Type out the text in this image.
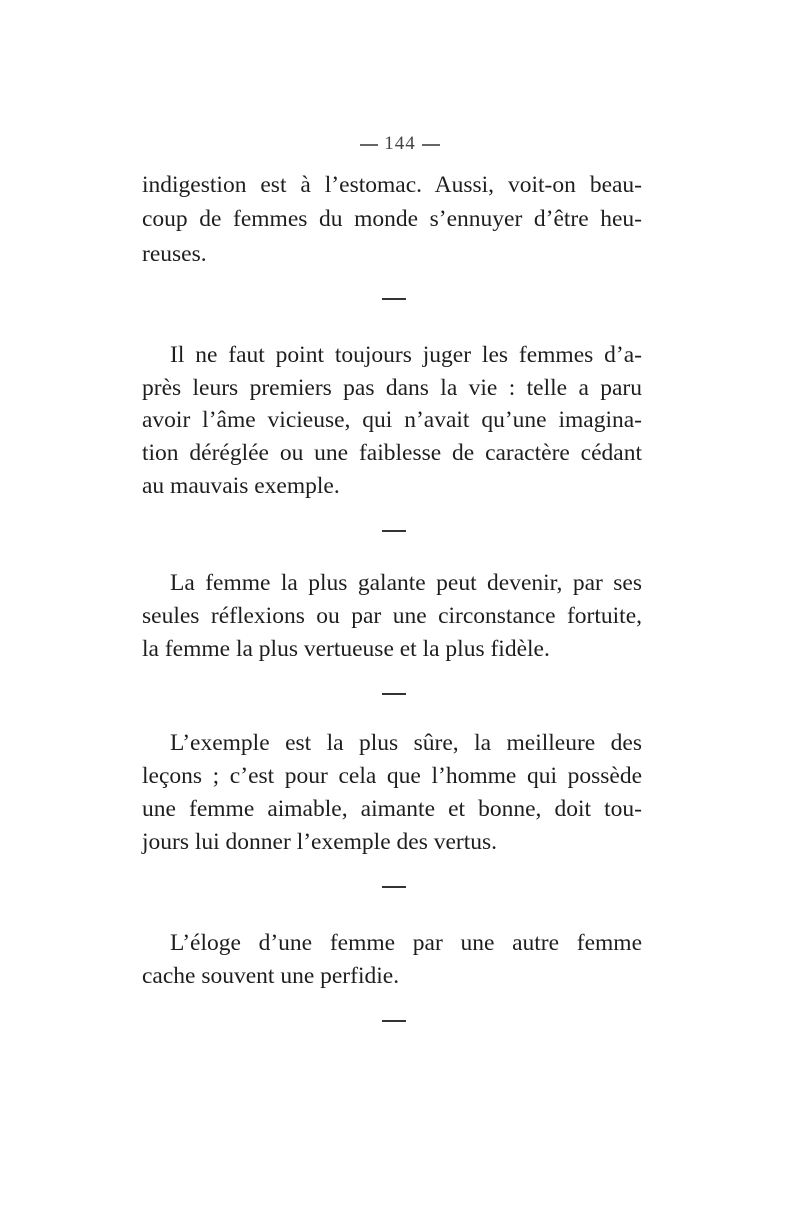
144
indigestion est à l’estomac. Aussi, voit-on beau-
coup de femmes du monde s’ennuyer d’être heu-
reuses.
Il ne faut point toujours juger les femmes d’a-
près leurs premiers pas dans la vie : telle a paru
avoir l’âme vicieuse, qui n’avait qu’une imagina-
tion déréglée ou une faiblesse de caractère cédant
au mauvais exemple.
La femme la plus galante peut devenir, par ses
seules réflexions ou par une circonstance fortuite,
la femme la plus vertueuse et la plus fidèle.
L’exemple est la plus sûre, la meilleure des
leçons ; c’est pour cela que l’homme qui possède
une femme aimable, aimante et bonne, doit tou-
jours lui donner l’exemple des vertus.
L’éloge d’une femme par une autre femme
cache souvent une perfidie.
